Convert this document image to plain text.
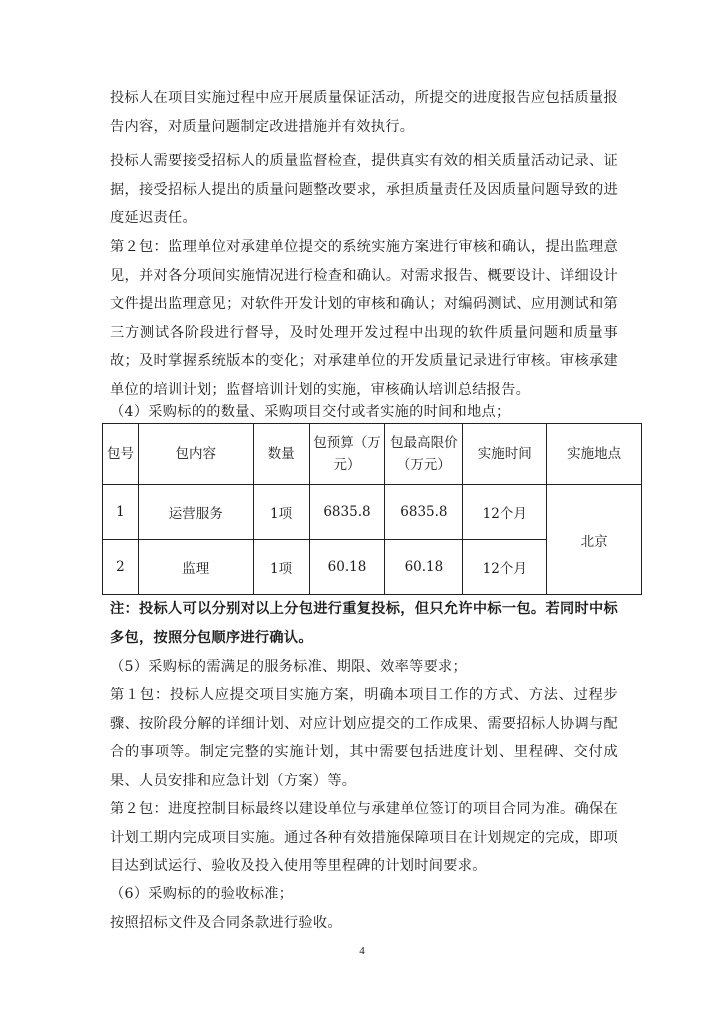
投标人在项目实施过程中应开展质量保证活动，所提交的进度报告应包括质量报告内容，对质量问题制定改进措施并有效执行。

投标人需要接受招标人的质量监督检查，提供真实有效的相关质量活动记录、证据，接受招标人提出的质量问题整改要求，承担质量责任及因质量问题导致的进度延迟责任。

第２包：监理单位对承建单位提交的系统实施方案进行审核和确认，提出监理意见，并对各分项间实施情况进行检查和确认。对需求报告、概要设计、详细设计文件提出监理意见；对软件开发计划的审核和确认；对编码测试、应用测试和第三方测试各阶段进行督导，及时处理开发过程中出现的软件质量问题和质量事故；及时掌握系统版本的变化；对承建单位的开发质量记录进行审核。审核承建单位的培训计划；监督培训计划的实施，审核确认培训总结报告。

（4）采购标的的数量、采购项目交付或者实施的时间和地点；

包号	包内容	数量	包预算（万元）	包最高限价（万元）	实施时间	实施地点
1	运营服务	1项	6835.8	6835.8	12个月	北京
2	监理	1项	60.18	60.18	12个月	

注：投标人可以分别对以上分包进行重复投标，但只允许中标一包。若同时中标多包，按照分包顺序进行确认。

（5）采购标的需满足的服务标准、期限、效率等要求；

第１包：投标人应提交项目实施方案，明确本项目工作的方式、方法、过程步骤、按阶段分解的详细计划、对应计划应提交的工作成果、需要招标人协调与配合的事项等。制定完整的实施计划，其中需要包括进度计划、里程碑、交付成果、人员安排和应急计划（方案）等。

第２包：进度控制目标最终以建设单位与承建单位签订的项目合同为准。确保在计划工期内完成项目实施。通过各种有效措施保障项目在计划规定的完成，即项目达到试运行、验收及投入使用等里程碑的计划时间要求。

（6）采购标的的验收标准；

按照招标文件及合同条款进行验收。

4
